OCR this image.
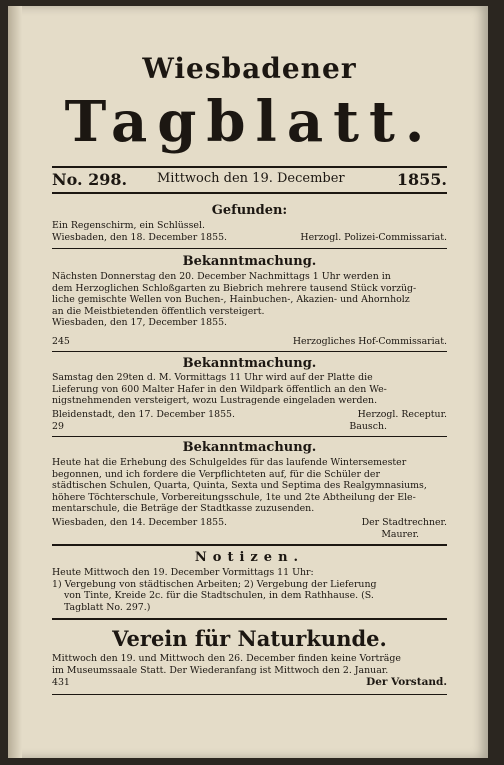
Wiesbadener
Tagblatt.
No. 298. Mittwoch den 19. December	1855.
Gefunden:
Ein Regenschirm, ein Schlüssel.
Wiesbaden, den 18. December 1855.	Herzogl. Polizei-Commissariat.
Bekanntmachung.
Nächsten Donnerstag den 20. December Nachmittags 1 Uhr werden in
dem Herzoglichen Schloßgarten zu Biebrich mehrere tausend Stück vorzüg-
liche gemischte Wellen von Buchen-, Hainbuchen-, Akazien- und Ahornholz
an die Meistbietenden öffentlich versteigert.
Wiesbaden, den 17, December 1855.
245	Herzogliches Hof-Commissariat.
Bekanntmachung.
Samstag den 29ten d. M. Vormittags 11 Uhr wird auf der Platte die
Lieferung von 600 Malter Hafer in den Wildpark öffentlich an den We-
nigstnehmenden versteigert, wozu Lustragende eingeladen werden.
Bleidenstadt, den 17. December 1855.	Herzogl. Receptur.
29	Bausch.
Bekanntmachung.
Heute hat die Erhebung des Schulgeldes für das laufende Wintersemester
begonnen, und ich fordere die Verpflichteten auf, für die Schüler der
städtischen Schulen, Quarta, Quinta, Sexta und Septima des Realgymnasiums,
höhere Töchterschule, Vorbereitungsschule, 1te und 2te Abtheilung der Ele-
mentarschule, die Beträge der Stadtkasse zuzusenden.
Wiesbaden, den 14. December 1855.	Der Stadtrechner.
Maurer.
Notizen.
Heute Mittwoch den 19. December Vormittags 11 Uhr:
1) Vergebung von städtischen Arbeiten; 2) Vergebung der Lieferung
von Tinte, Kreide 2c. für die Stadtschulen, in dem Rathhause. (S.
Tagblatt No. 297.)
Verein für Naturkunde.
Mittwoch den 19. und Mittwoch den 26. December finden keine Vorträge
im Museumssaale Statt. Der Wiederanfang ist Mittwoch den 2. Januar.
431	Der Vorstand.
